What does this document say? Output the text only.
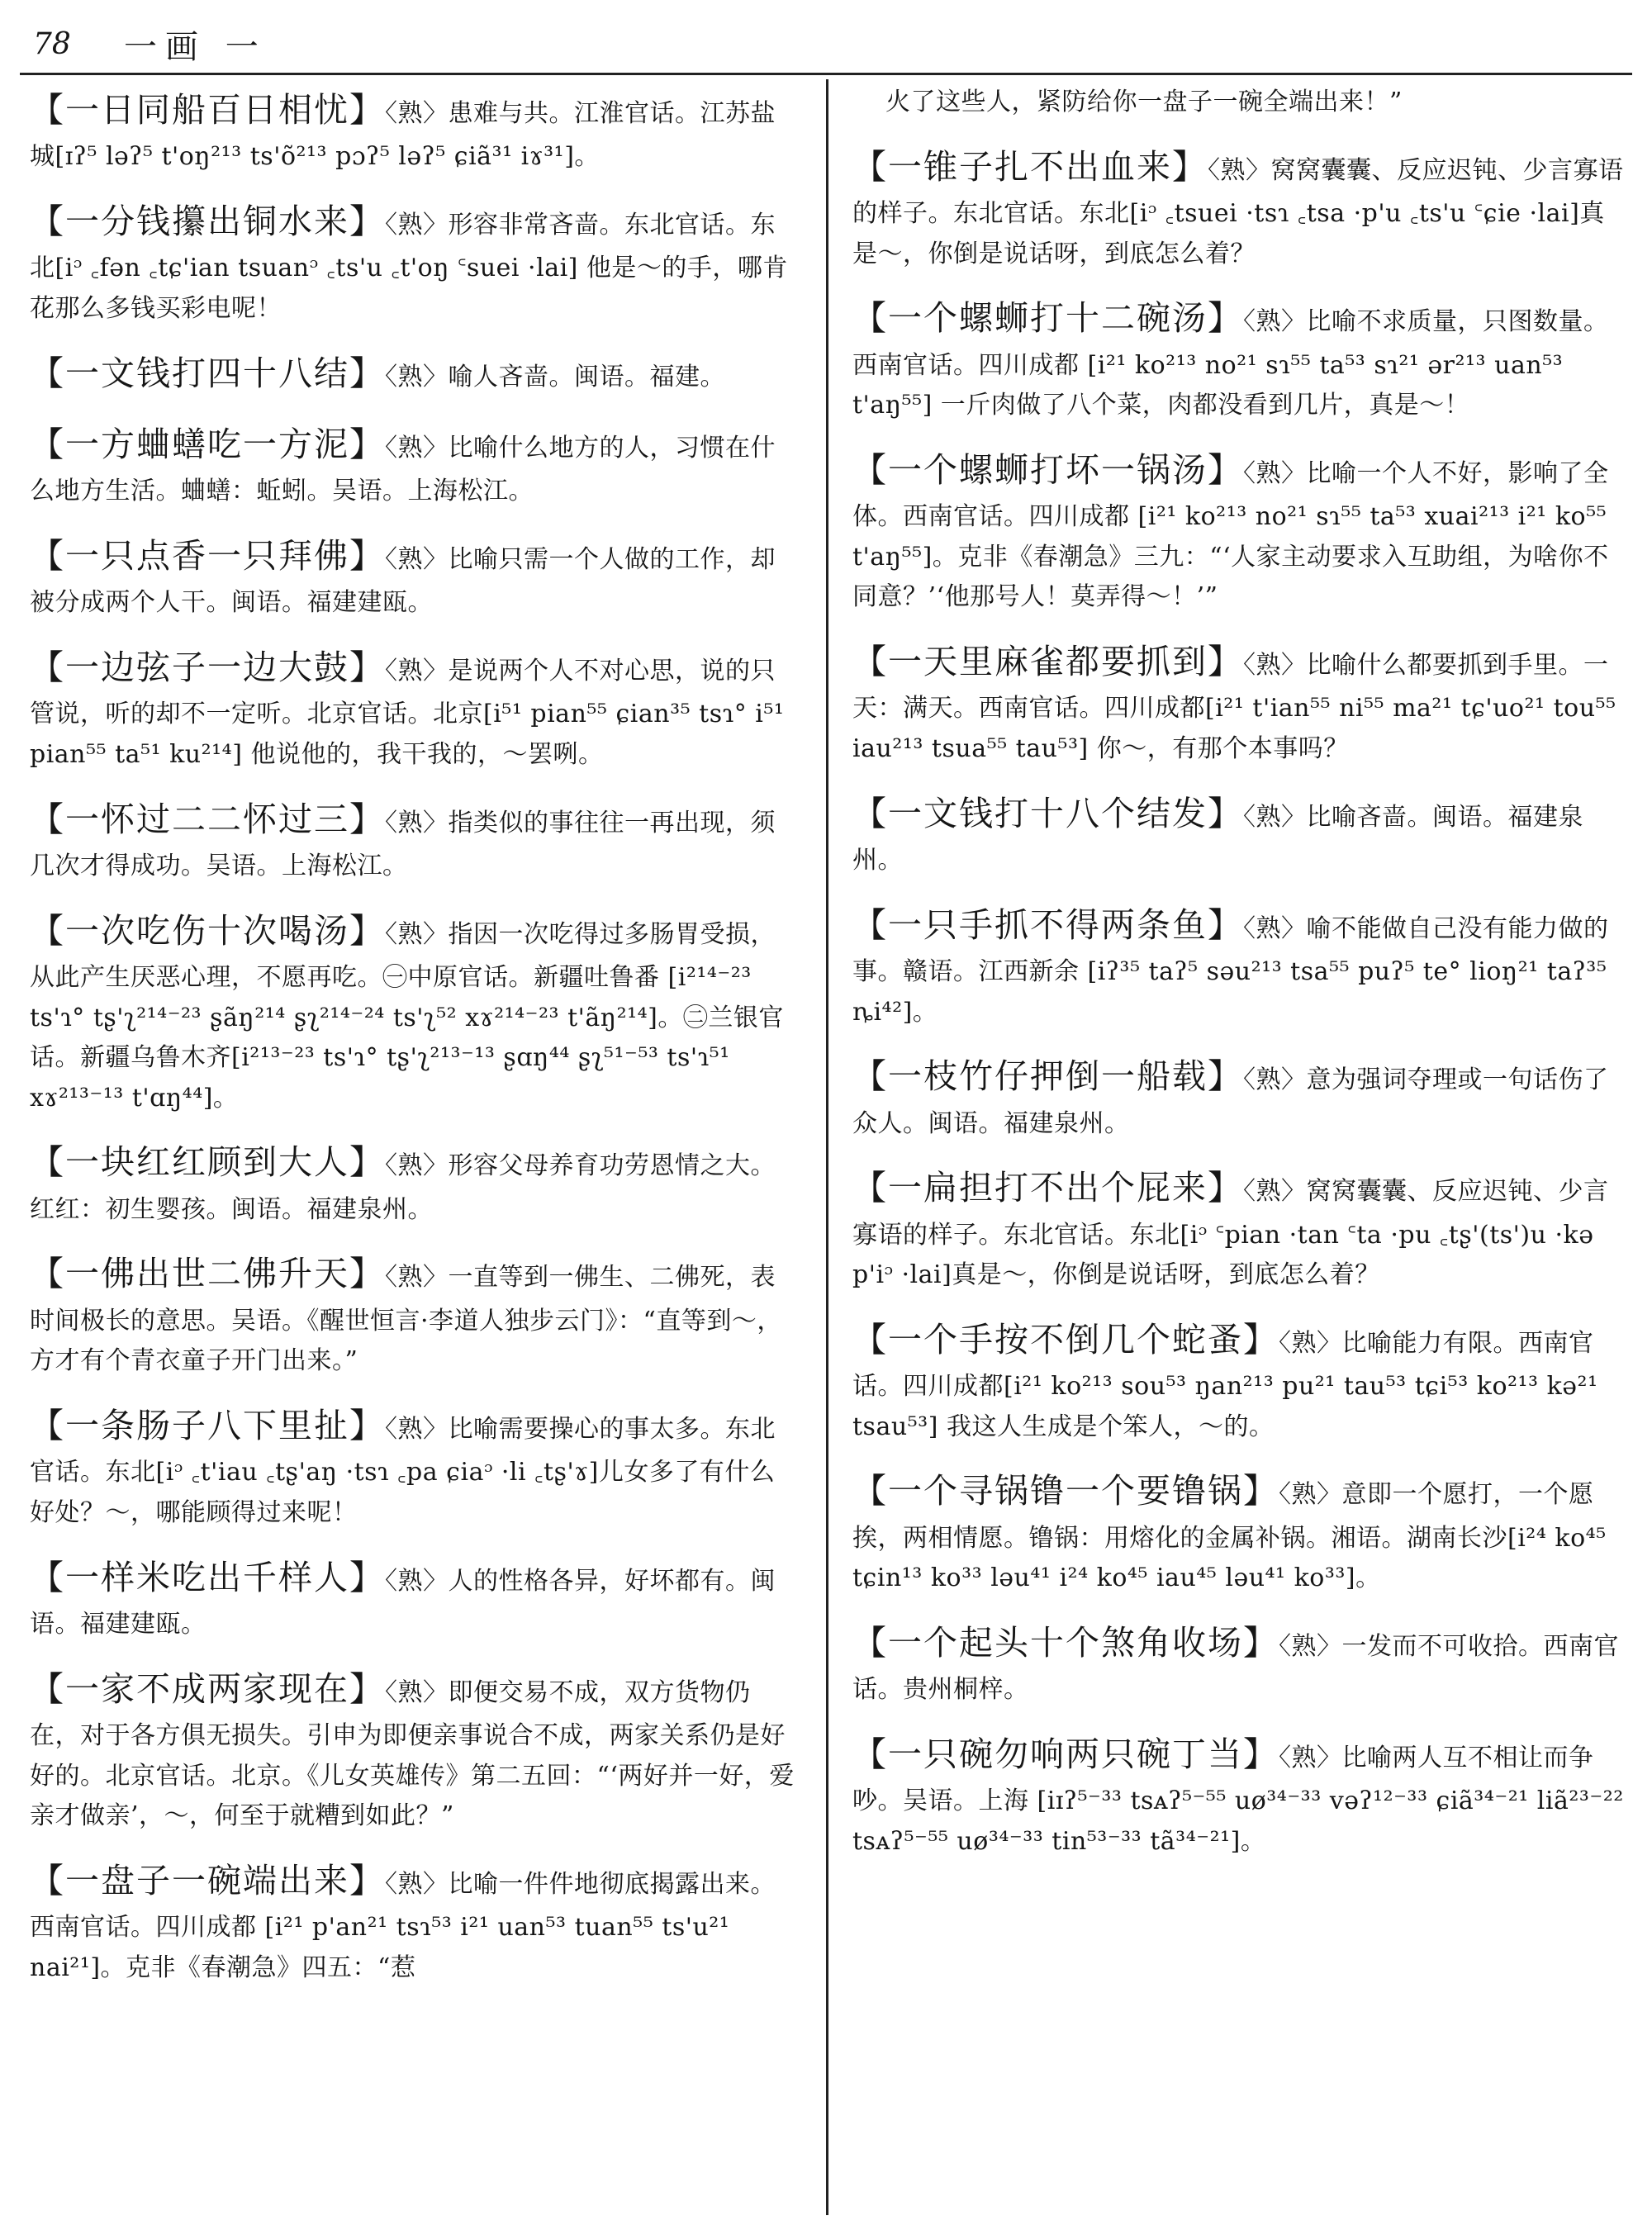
78	一画 一
【一日同船百日相忧】〈熟〉患难与共。江淮官话。江苏盐城[ɪʔ⁵ ləʔ⁵ t'oŋ²¹³ ts'õ²¹³ pɔʔ⁵ ləʔ⁵ ɕiã³¹ iɤ³¹]。
【一分钱攥出铜水来】〈熟〉形容非常吝啬。东北官话。东北[iᵓ ꜀fən ꜀tɕ'ian tsuanᵓ ꜀ts'u ꜀t'oŋ ꜂suei ·lai] 他是～的手，哪肯花那么多钱买彩电呢！
【一文钱打四十八结】〈熟〉喻人吝啬。闽语。福建。
【一方蛐蟮吃一方泥】〈熟〉比喻什么地方的人，习惯在什么地方生活。蛐蟮：蚯蚓。吴语。上海松江。
【一只点香一只拜佛】〈熟〉比喻只需一个人做的工作，却被分成两个人干。闽语。福建建瓯。
【一边弦子一边大鼓】〈熟〉是说两个人不对心思，说的只管说，听的却不一定听。北京官话。北京[i⁵¹ pian⁵⁵ ɕian³⁵ tsɿ° i⁵¹ pian⁵⁵ ta⁵¹ ku²¹⁴] 他说他的，我干我的，～罢咧。
【一怀过二二怀过三】〈熟〉指类似的事往往一再出现，须几次才得成功。吴语。上海松江。
【一次吃伤十次喝汤】〈熟〉指因一次吃得过多肠胃受损，从此产生厌恶心理，不愿再吃。㊀中原官话。新疆吐鲁番 [i²¹⁴⁻²³ ts'ɿ° tʂ'ʅ²¹⁴⁻²³ ʂãŋ²¹⁴ ʂʅ²¹⁴⁻²⁴ ts'ʅ⁵² xɤ²¹⁴⁻²³ t'ãŋ²¹⁴]。㊁兰银官话。新疆乌鲁木齐[i²¹³⁻²³ ts'ɿ° tʂ'ʅ²¹³⁻¹³ ʂɑŋ⁴⁴ ʂʅ⁵¹⁻⁵³ ts'ɿ⁵¹ xɤ²¹³⁻¹³ t'ɑŋ⁴⁴]。
【一块红红顾到大人】〈熟〉形容父母养育功劳恩情之大。红红：初生婴孩。闽语。福建泉州。
【一佛出世二佛升天】〈熟〉一直等到一佛生、二佛死，表时间极长的意思。吴语。《醒世恒言·李道人独步云门》：“直等到～，方才有个青衣童子开门出来。”
【一条肠子八下里扯】〈熟〉比喻需要操心的事太多。东北官话。东北[iᵓ ꜀t'iau ꜀tʂ'aŋ ·tsɿ ꜀pa ɕiaᵓ ·li ꜀tʂ'ɤ]儿女多了有什么好处？～，哪能顾得过来呢！
【一样米吃出千样人】〈熟〉人的性格各异，好坏都有。闽语。福建建瓯。
【一家不成两家现在】〈熟〉即便交易不成，双方货物仍在，对于各方俱无损失。引申为即便亲事说合不成，两家关系仍是好好的。北京官话。北京。《儿女英雄传》第二五回：“‘两好并一好，爱亲才做亲’，～，何至于就糟到如此？”
【一盘子一碗端出来】〈熟〉比喻一件件地彻底揭露出来。西南官话。四川成都 [i²¹ p'an²¹ tsɿ⁵³ i²¹ uan⁵³ tuan⁵⁵ ts'u²¹ nai²¹]。克非《春潮急》四五：“惹
火了这些人，紧防给你一盘子一碗全端出来！”
【一锥子扎不出血来】〈熟〉窝窝囊囊、反应迟钝、少言寡语的样子。东北官话。东北[iᵓ ꜀tsuei ·tsɿ ꜀tsa ·p'u ꜀ts'u ꜂ɕie ·lai]真是～，你倒是说话呀，到底怎么着？
【一个螺蛳打十二碗汤】〈熟〉比喻不求质量，只图数量。西南官话。四川成都 [i²¹ ko²¹³ no²¹ sɿ⁵⁵ ta⁵³ sɿ²¹ ər²¹³ uan⁵³ t'aŋ⁵⁵] 一斤肉做了八个菜，肉都没看到几片，真是～！
【一个螺蛳打坏一锅汤】〈熟〉比喻一个人不好，影响了全体。西南官话。四川成都 [i²¹ ko²¹³ no²¹ sɿ⁵⁵ ta⁵³ xuai²¹³ i²¹ ko⁵⁵ t'aŋ⁵⁵]。克非《春潮急》三九：“‘人家主动要求入互助组，为啥你不同意？’‘他那号人！莫弄得～！’”
【一天里麻雀都要抓到】〈熟〉比喻什么都要抓到手里。一天：满天。西南官话。四川成都[i²¹ t'ian⁵⁵ ni⁵⁵ ma²¹ tɕ'uo²¹ tou⁵⁵ iau²¹³ tsua⁵⁵ tau⁵³] 你～，有那个本事吗？
【一文钱打十八个结发】〈熟〉比喻吝啬。闽语。福建泉州。
【一只手抓不得两条鱼】〈熟〉喻不能做自己没有能力做的事。赣语。江西新余 [iʔ³⁵ taʔ⁵ səu²¹³ tsa⁵⁵ puʔ⁵ te° lioŋ²¹ taʔ³⁵ ȵi⁴²]。
【一枝竹仔押倒一船载】〈熟〉意为强词夺理或一句话伤了众人。闽语。福建泉州。
【一扁担打不出个屁来】〈熟〉窝窝囊囊、反应迟钝、少言寡语的样子。东北官话。东北[iᵓ ꜂pian ·tan ꜂ta ·pu ꜀tʂ'(ts')u ·kə p'iᵓ ·lai]真是～，你倒是说话呀，到底怎么着？
【一个手按不倒几个蛇蚤】〈熟〉比喻能力有限。西南官话。四川成都[i²¹ ko²¹³ sou⁵³ ŋan²¹³ pu²¹ tau⁵³ tɕi⁵³ ko²¹³ kə²¹ tsau⁵³] 我这人生成是个笨人，～的。
【一个寻锅镥一个要镥锅】〈熟〉意即一个愿打，一个愿挨，两相情愿。镥锅：用熔化的金属补锅。湘语。湖南长沙[i²⁴ ko⁴⁵ tɕin¹³ ko³³ ləu⁴¹ i²⁴ ko⁴⁵ iau⁴⁵ ləu⁴¹ ko³³]。
【一个起头十个煞角收场】〈熟〉一发而不可收拾。西南官话。贵州桐梓。
【一只碗勿响两只碗丁当】〈熟〉比喻两人互不相让而争吵。吴语。上海 [iɪʔ⁵⁻³³ tsᴀʔ⁵⁻⁵⁵ uø³⁴⁻³³ vəʔ¹²⁻³³ ɕiã³⁴⁻²¹ liã²³⁻²² tsᴀʔ⁵⁻⁵⁵ uø³⁴⁻³³ tin⁵³⁻³³ tã³⁴⁻²¹]。
